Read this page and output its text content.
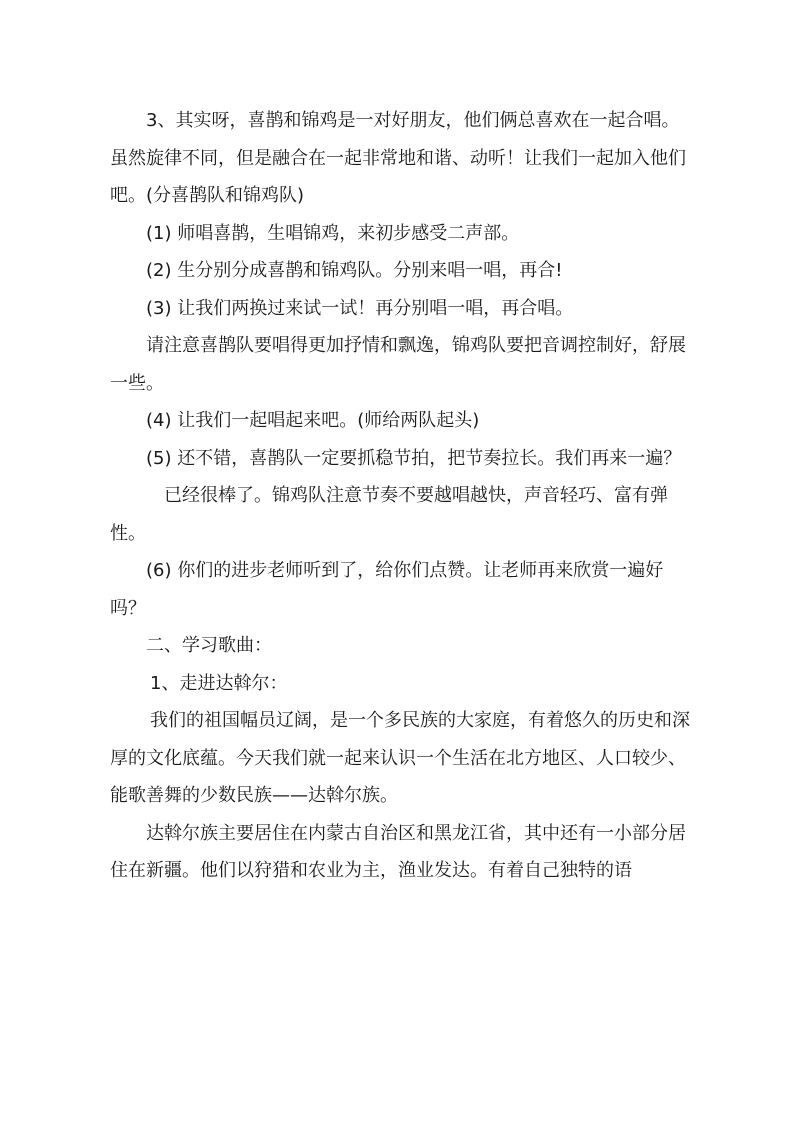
3、其实呀，喜鹊和锦鸡是一对好朋友，他们俩总喜欢在一起合唱。虽然旋律不同，但是融合在一起非常地和谐、动听！让我们一起加入他们吧。(分喜鹊队和锦鸡队)

(1) 师唱喜鹊，生唱锦鸡，来初步感受二声部。

(2) 生分别分成喜鹊和锦鸡队。分别来唱一唱，再合!

(3) 让我们两换过来试一试！再分别唱一唱，再合唱。

请注意喜鹊队要唱得更加抒情和飘逸，锦鸡队要把音调控制好，舒展一些。

(4) 让我们一起唱起来吧。(师给两队起头)

(5) 还不错，喜鹊队一定要抓稳节拍，把节奏拉长。我们再来一遍？

已经很棒了。锦鸡队注意节奏不要越唱越快，声音轻巧、富有弹性。

(6) 你们的进步老师听到了，给你们点赞。让老师再来欣赏一遍好吗？

二、学习歌曲：

1、走进达斡尔：

我们的祖国幅员辽阔，是一个多民族的大家庭，有着悠久的历史和深厚的文化底蕴。今天我们就一起来认识一个生活在北方地区、人口较少、能歌善舞的少数民族——达斡尔族。

达斡尔族主要居住在内蒙古自治区和黑龙江省，其中还有一小部分居住在新疆。他们以狩猎和农业为主，渔业发达。有着自己独特的语
